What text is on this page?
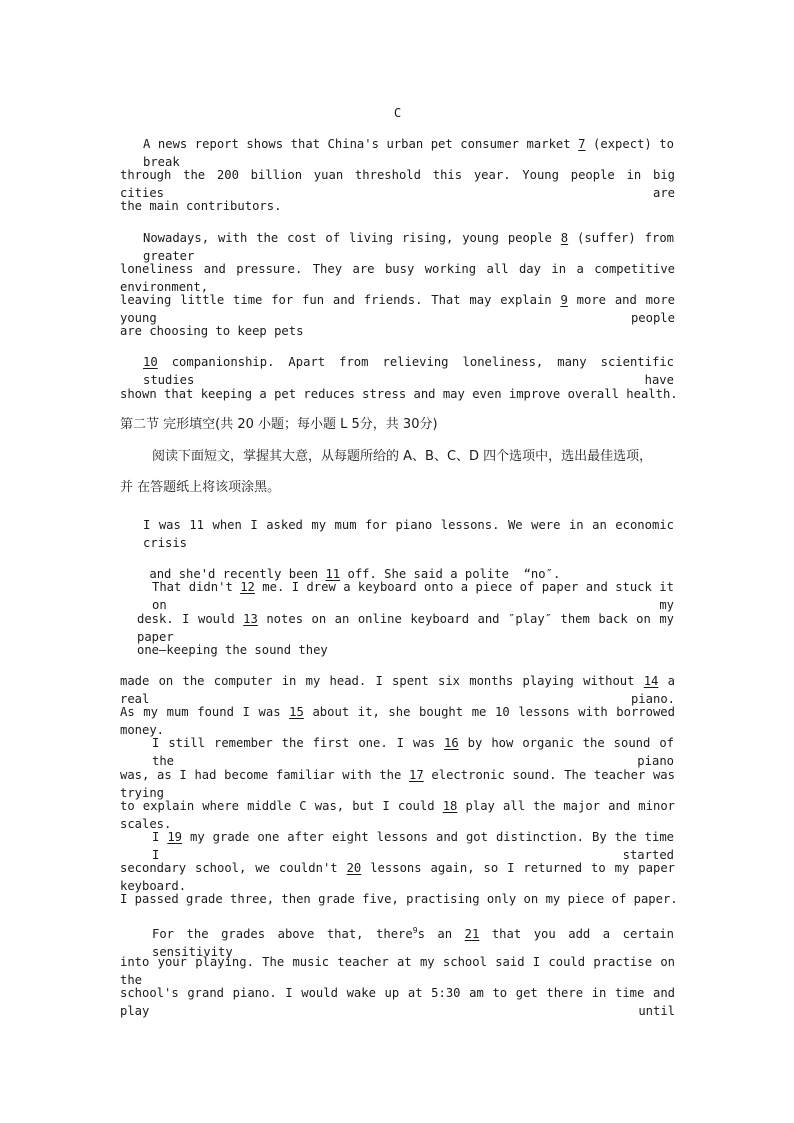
C
A news report shows that China's urban pet consumer market 7 (expect) to break
through the 200 billion yuan threshold this year. Young people in big cities are
the main contributors.
Nowadays, with the cost of living rising, young people 8 (suffer) from greater
loneliness and pressure. They are busy working all day in a competitive environment,
leaving little time for fun and friends. That may explain 9 more and more young people
are choosing to keep pets
10 companionship. Apart from relieving loneliness, many scientific studies have
shown that keeping a pet reduces stress and may even improve overall health.
第二节 完形填空(共 20 小题；每小题 L 5分，共 30分)
阅读下面短文，掌握其大意，从每题所给的 A、B、C、D 四个选项中，选出最佳选项，
并 在答题纸上将该项涂黑。
I was 11 when I asked my mum for piano lessons. We were in an economic crisis

and she'd recently been 11 off. She said a polite  “no″.

That didn't 12 me. I drew a keyboard onto a piece of paper and stuck it on my
desk. I would 13 notes on an online keyboard and ″play″ them back on my paper
one—keeping the sound they
made on the computer in my head. I spent six months playing without 14 a real piano.
As my mum found I was 15 about it, she bought me 10 lessons with borrowed money.
I still remember the first one. I was 16 by how organic the sound of the piano
was, as I had become familiar with the 17 electronic sound. The teacher was trying
to explain where middle C was, but I could 18 play all the major and minor scales.
I 19 my grade one after eight lessons and got distinction. By the time I started
secondary school, we couldn't 20 lessons again, so I returned to my paper keyboard.
I passed grade three, then grade five, practising only on my piece of paper.
For the grades above that, there$^9$s an 21 that you add a certain sensitivity
into your playing. The music teacher at my school said I could practise on the
school's grand piano. I would wake up at 5:30 am to get there in time and play until
